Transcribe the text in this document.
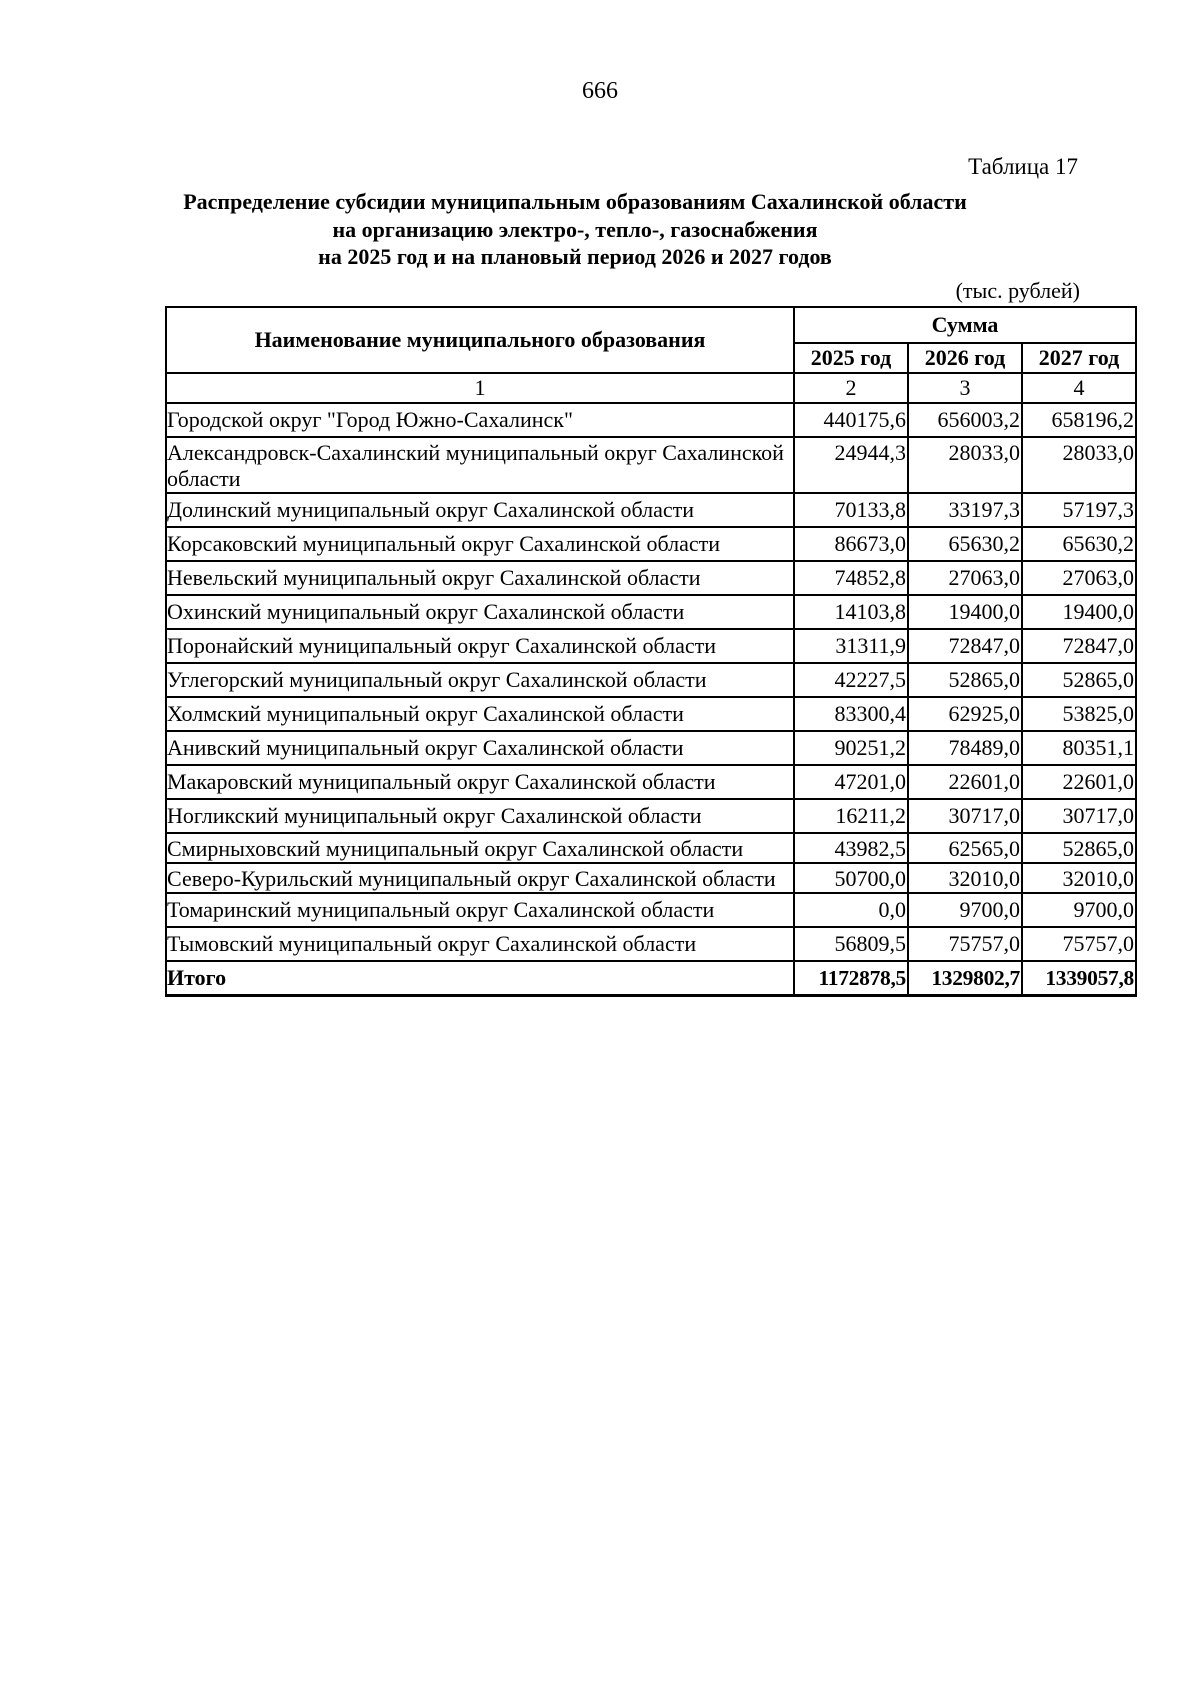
666
Таблица 17
Распределение субсидии муниципальным образованиям Сахалинской области
на организацию электро-, тепло-, газоснабжения
на 2025 год и на плановый период 2026 и 2027 годов
(тыс. рублей)
Наименование муниципального образования	Сумма		
	2025 год	2026 год	2027 год
1	2	3	4
Городской округ "Город Южно-Сахалинск"	440175,6	656003,2	658196,2
Александровск-Сахалинский муниципальный округ Сахалинской области	24944,3	28033,0	28033,0
Долинский муниципальный округ Сахалинской области	70133,8	33197,3	57197,3
Корсаковский муниципальный округ Сахалинской области	86673,0	65630,2	65630,2
Невельский муниципальный округ Сахалинской области	74852,8	27063,0	27063,0
Охинский муниципальный округ Сахалинской области	14103,8	19400,0	19400,0
Поронайский муниципальный округ Сахалинской области	31311,9	72847,0	72847,0
Углегорский муниципальный округ Сахалинской области	42227,5	52865,0	52865,0
Холмский муниципальный округ Сахалинской области	83300,4	62925,0	53825,0
Анивский муниципальный округ Сахалинской области	90251,2	78489,0	80351,1
Макаровский муниципальный округ Сахалинской области	47201,0	22601,0	22601,0
Ногликский муниципальный округ Сахалинской области	16211,2	30717,0	30717,0
Смирныховский муниципальный округ Сахалинской области	43982,5	62565,0	52865,0
Северо-Курильский муниципальный округ Сахалинской области	50700,0	32010,0	32010,0
Томаринский муниципальный округ Сахалинской области	0,0	9700,0	9700,0
Тымовский муниципальный округ Сахалинской области	56809,5	75757,0	75757,0
Итого	1172878,5	1329802,7	1339057,8
